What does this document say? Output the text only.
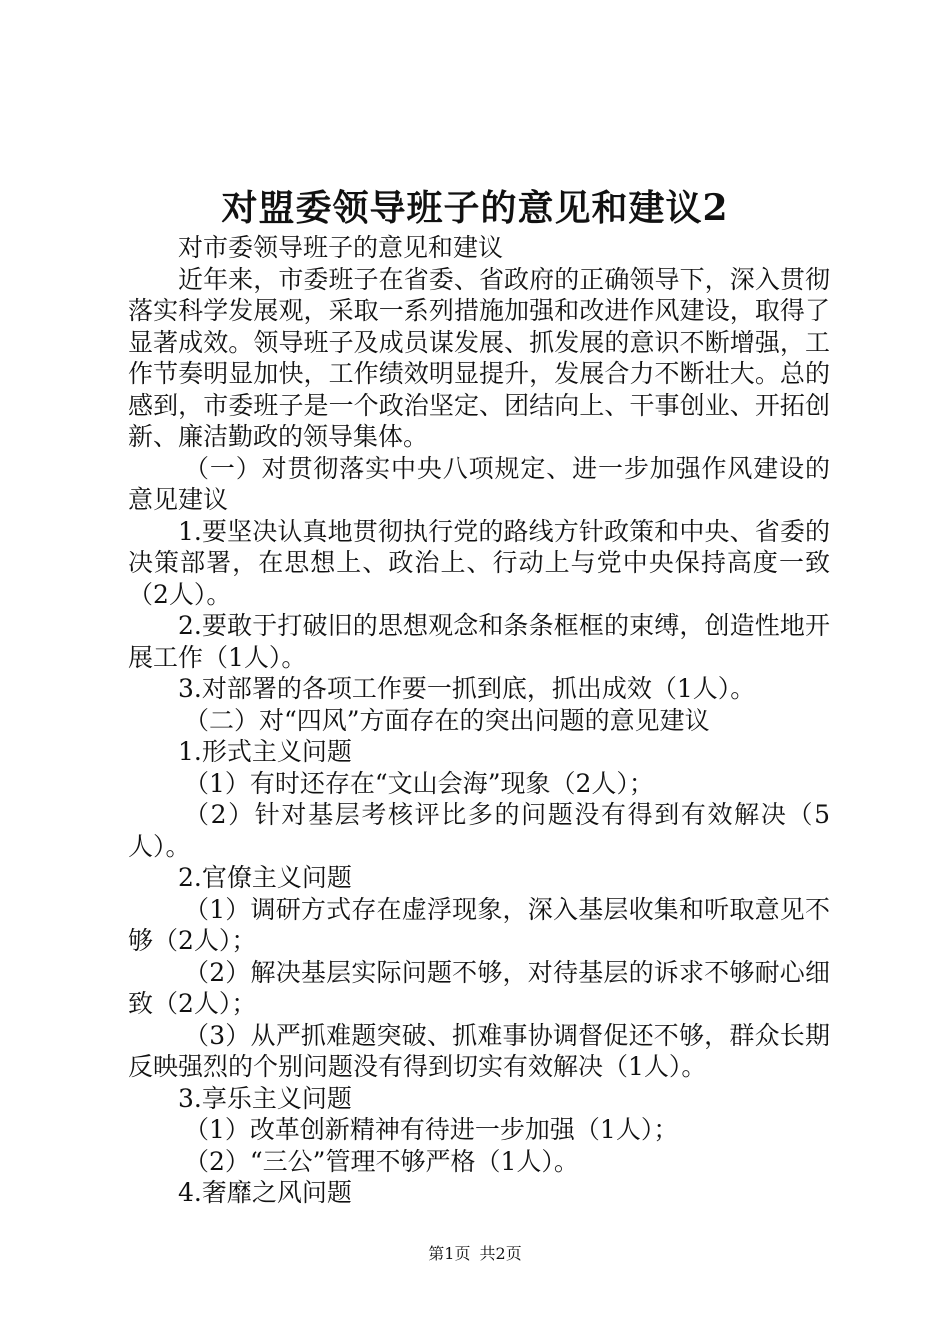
对盟委领导班子的意见和建议2

对市委领导班子的意见和建议

近年来，市委班子在省委、省政府的正确领导下，深入贯彻落实科学发展观，采取一系列措施加强和改进作风建设，取得了显著成效。领导班子及成员谋发展、抓发展的意识不断增强，工作节奏明显加快，工作绩效明显提升，发展合力不断壮大。总的感到，市委班子是一个政治坚定、团结向上、干事创业、开拓创新、廉洁勤政的领导集体。

（一）对贯彻落实中央八项规定、进一步加强作风建设的意见建议

1.要坚决认真地贯彻执行党的路线方针政策和中央、省委的决策部署，在思想上、政治上、行动上与党中央保持高度一致（2人）。

2.要敢于打破旧的思想观念和条条框框的束缚，创造性地开展工作（1人）。

3.对部署的各项工作要一抓到底，抓出成效（1人）。

（二）对“四风”方面存在的突出问题的意见建议

1.形式主义问题

（1）有时还存在“文山会海”现象（2人）；

（2）针对基层考核评比多的问题没有得到有效解决（5人）。

2.官僚主义问题

（1）调研方式存在虚浮现象，深入基层收集和听取意见不够（2人）；

（2）解决基层实际问题不够，对待基层的诉求不够耐心细致（2人）；

（3）从严抓难题突破、抓难事协调督促还不够，群众长期反映强烈的个别问题没有得到切实有效解决（1人）。

3.享乐主义问题

（1）改革创新精神有待进一步加强（1人）；

（2）“三公”管理不够严格（1人）。

4.奢靡之风问题

第1页 共2页
